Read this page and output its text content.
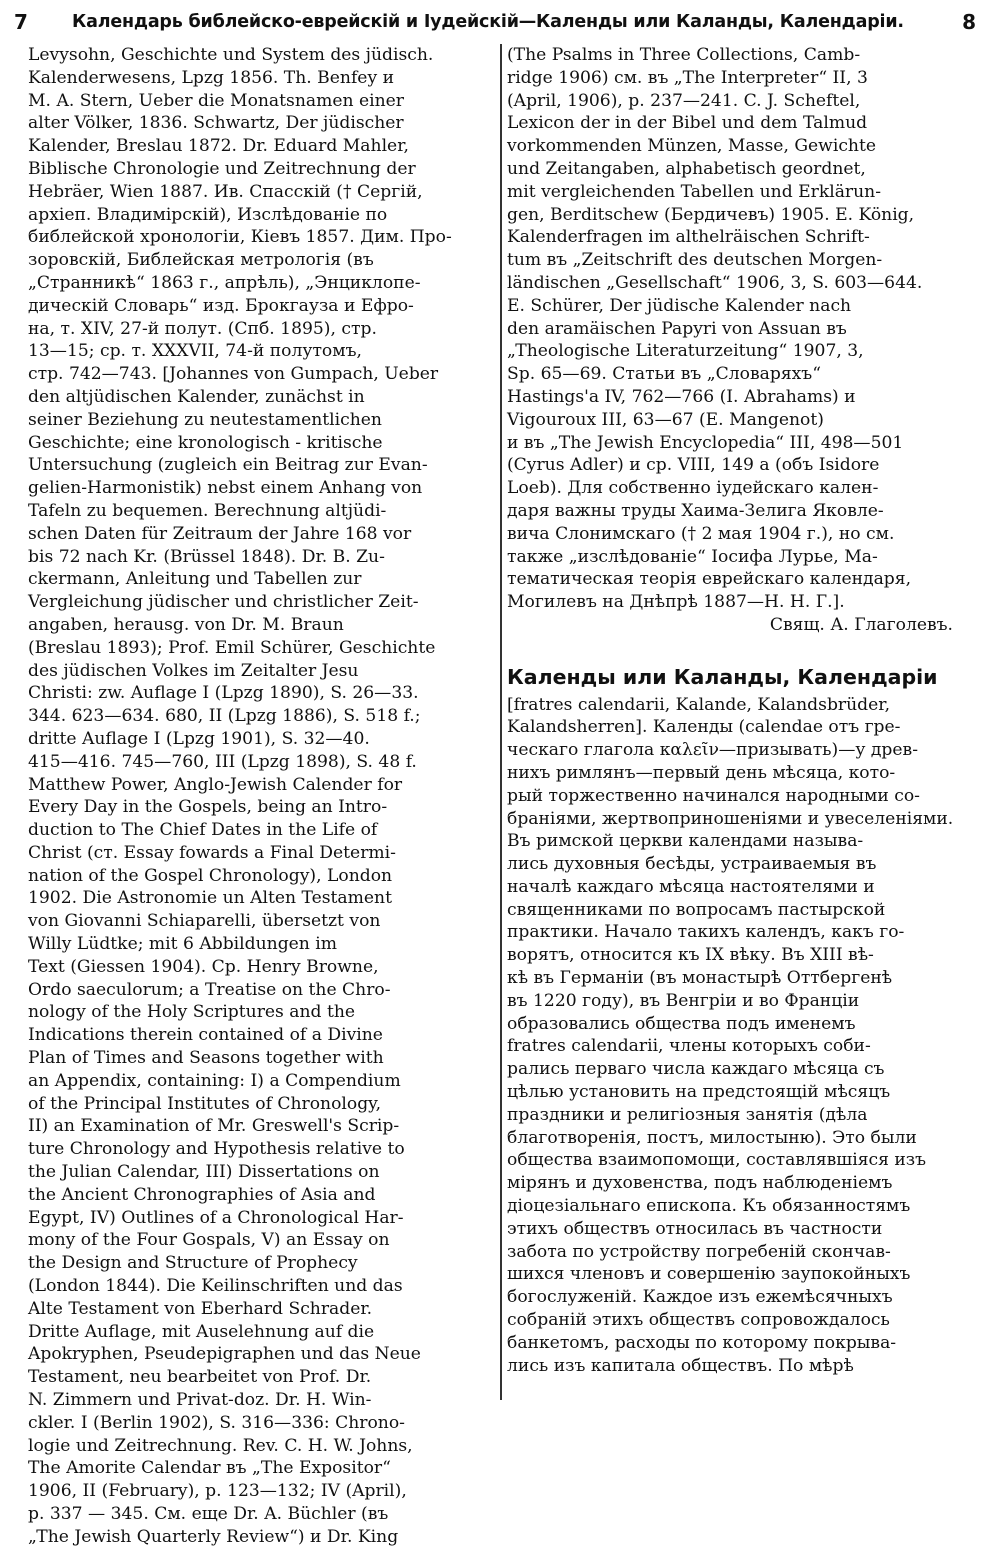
7	Календарь библейско-еврейскій и Іудейскій—Календы или Каланды, Календаріи.	8
Levysohn, Geschichte und System des jüdisch.
Kalenderwesens, Lpzg 1856. Th. Benfey и
M. A. Stern, Ueber die Monatsnamen einer
alter Völker, 1836. Schwartz, Der jüdischer
Kalender, Breslau 1872. Dr. Eduard Mahler,
Biblische Chronologie und Zeitrechnung der
Hebräer, Wien 1887. Ив. Спасскій († Сергій,
архіеп. Владимірскій), Изслѣдованіе по
библейской хронологіи, Кіевъ 1857. Дим. Про-
зоровскій, Библейская метрологія (въ
„Странникѣ“ 1863 г., апрѣль), „Энциклопе-
дическій Словарь“ изд. Брокгауза и Ефро-
на, т. XIV, 27-й полут. (Спб. 1895), стр.
13—15; ср. т. XXXVII, 74-й полутомъ,
стр. 742—743. [Johannes von Gumpach, Ueber
den altjüdischen Kalender, zunächst in
seiner Beziehung zu neutestamentlichen
Geschichte; eine kronologisch - kritische
Untersuchung (zugleich ein Beitrag zur Evan-
gelien-Harmonistik) nebst einem Anhang von
Tafeln zu bequemen. Berechnung altjüdi-
schen Daten für Zeitraum der Jahre 168 vor
bis 72 nach Kr. (Brüssel 1848). Dr. B. Zu-
ckermann, Anleitung und Tabellen zur
Vergleichung jüdischer und christlicher Zeit-
angaben, herausg. von Dr. M. Braun
(Breslau 1893); Prof. Emil Schürer, Geschichte
des jüdischen Volkes im Zeitalter Jesu
Christi: zw. Auflage I (Lpzg 1890), S. 26—33.
344. 623—634. 680, II (Lpzg 1886), S. 518 f.;
dritte Auflage I (Lpzg 1901), S. 32—40.
415—416. 745—760, III (Lpzg 1898), S. 48 f.
Matthew Power, Anglo-Jewish Calender for
Every Day in the Gospels, being an Intro-
duction to The Chief Dates in the Life of
Christ (ст. Essay fowards a Final Determi-
nation of the Gospel Chronology), London
1902. Die Astronomie un Alten Testament
von Giovanni Schiaparelli, übersetzt von
Willy Lüdtke; mit 6 Abbildungen im
Text (Giessen 1904). Cp. Henry Browne,
Ordo saeculorum; a Treatise on the Chro-
nology of the Holy Scriptures and the
Indications therein contained of a Divine
Plan of Times and Seasons together with
an Appendix, containing: I) a Compendium
of the Principal Institutes of Chronology,
II) an Examination of Mr. Greswell's Scrip-
ture Chronology and Hypothesis relative to
the Julian Calendar, III) Dissertations on
the Ancient Chronographies of Asia and
Egypt, IV) Outlines of a Chronological Har-
mony of the Four Gospals, V) an Essay on
the Design and Structure of Prophecy
(London 1844). Die Keilinschriften und das
Alte Testament von Eberhard Schrader.
Dritte Auflage, mit Auselehnung auf die
Apokryphen, Pseudepigraphen und das Neue
Testament, neu bearbeitet von Prof. Dr.
N. Zimmern und Privat-doz. Dr. H. Win-
ckler. I (Berlin 1902), S. 316—336: Chrono-
logie und Zeitrechnung. Rev. C. H. W. Johns,
The Amorite Calendar въ „The Expositor“
1906, II (February), p. 123—132; IV (April),
p. 337 — 345. См. еще Dr. A. Büchler (въ
„The Jewish Quarterly Review“) и Dr. King
(The Psalms in Three Collections, Camb-
ridge 1906) см. въ „The Interpreter“ II, 3
(April, 1906), p. 237—241. C. J. Scheftel,
Lexicon der in der Bibel und dem Talmud
vorkommenden Münzen, Masse, Gewichte
und Zeitangaben, alphabetisch geordnet,
mit vergleichenden Tabellen und Erklärun-
gen, Berditschew (Бердичевъ) 1905. E. König,
Kalenderfragen im althelräischen Schrift-
tum въ „Zeitschrift des deutschen Morgen-
ländischen „Gesellschaft“ 1906, 3, S. 603—644.
E. Schürer, Der jüdische Kalender nach
den aramäischen Papyri von Assuan въ
„Theologische Literaturzeitung“ 1907, 3,
Sp. 65—69. Статьи въ „Словаряхъ“
Hastings'a IV, 762—766 (I. Abrahams) и
Vigouroux III, 63—67 (E. Mangenot)
и въ „The Jewish Encyclopedia“ III, 498—501
(Cyrus Adler) и ср. VIII, 149 a (объ Isidore
Loeb). Для собственно іудейскаго кален-
даря важны труды Хаима-Зелига Яковле-
вича Слонимскаго († 2 мая 1904 г.), но см.
также „изслѣдованіе“ Іосифа Лурье, Ма-
тематическая теорія еврейскаго календаря,
Могилевъ на Днѣпрѣ 1887—Н. Н. Г.].
Свящ. А. Глаголевъ.
Календы или Каланды, Календаріи
[fratres calendarii, Kalande, Kalandsbrüder,
Kalandsherren]. Календы (calendae отъ гре-
ческаго глагола καλεῖν—призывать)—у древ-
нихъ римлянъ—первый день мѣсяца, кото-
рый торжественно начинался народными со-
браніями, жертвоприношеніями и увеселеніями.
Въ римской церкви календами называ-
лись духовныя бесѣды, устраиваемыя въ
началѣ каждаго мѣсяца настоятелями и
священниками по вопросамъ пастырской
практики. Начало такихъ календъ, какъ го-
ворятъ, относится къ IX вѣку. Въ XIII вѣ-
кѣ въ Германіи (въ монастырѣ Оттбергенѣ
въ 1220 году), въ Венгріи и во Франціи
образовались общества подъ именемъ
fratres calendarii, члены которыхъ соби-
рались перваго числа каждаго мѣсяца съ
цѣлью установить на предстоящій мѣсяцъ
праздники и религіозныя занятія (дѣла
благотворенія, постъ, милостыню). Это были
общества взаимопомощи, составлявшіяся изъ
мірянъ и духовенства, подъ наблюденіемъ
діоцезіальнаго епископа. Къ обязанностямъ
этихъ обществъ относилась въ частности
забота по устройству погребеній скончав-
шихся членовъ и совершенію заупокойныхъ
богослуженій. Каждое изъ ежемѣсячныхъ
собраній этихъ обществъ сопровождалось
банкетомъ, расходы по которому покрыва-
лись изъ капитала обществъ. По мѣрѣ
